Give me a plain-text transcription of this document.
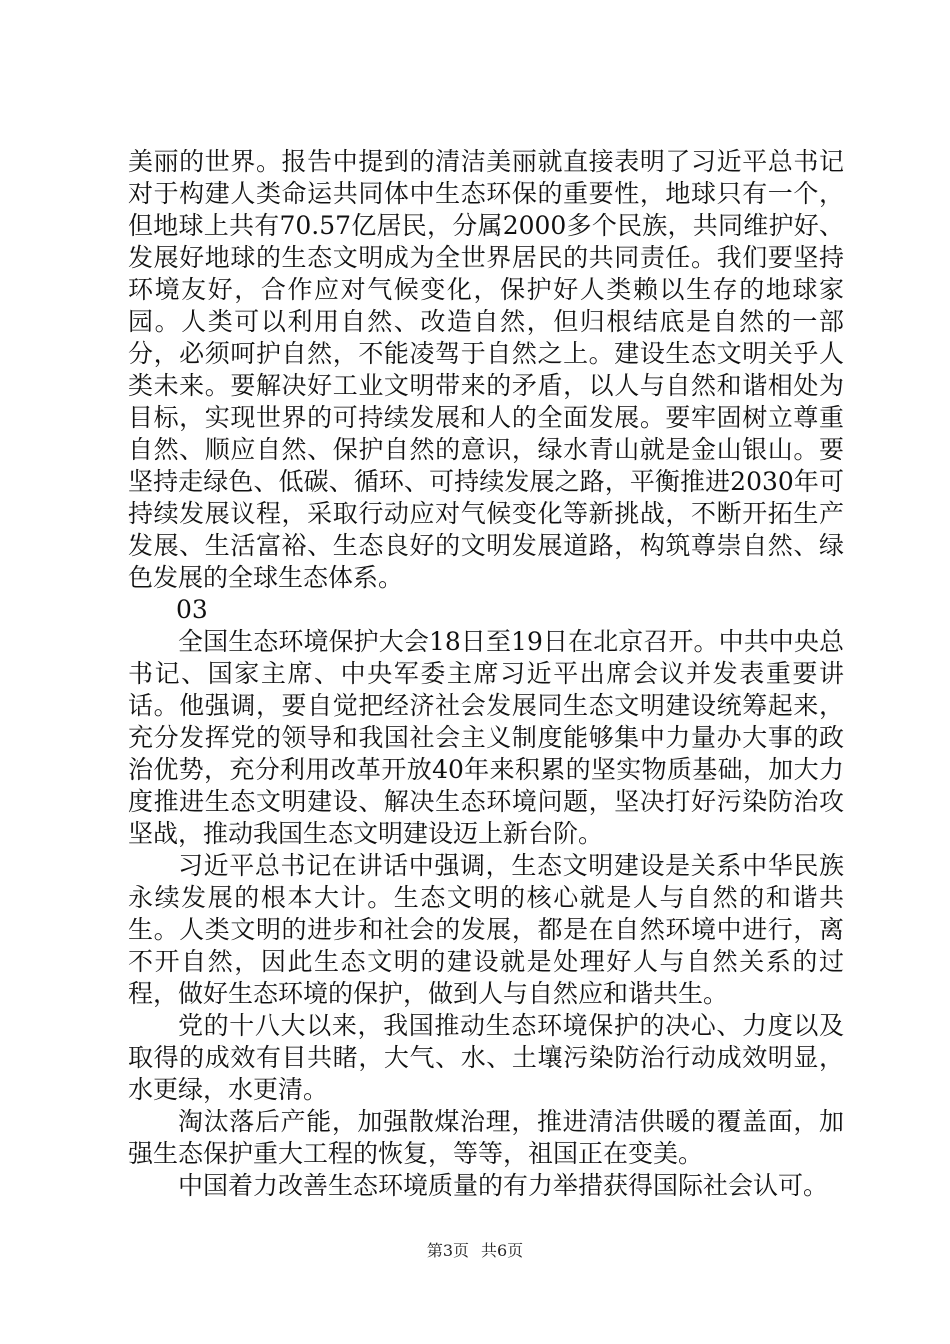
美丽的世界。报告中提到的清洁美丽就直接表明了习近平总书记对于构建人类命运共同体中生态环保的重要性，地球只有一个，但地球上共有70.57亿居民，分属2000多个民族，共同维护好、发展好地球的生态文明成为全世界居民的共同责任。我们要坚持环境友好，合作应对气候变化，保护好人类赖以生存的地球家园。人类可以利用自然、改造自然，但归根结底是自然的一部分，必须呵护自然，不能凌驾于自然之上。建设生态文明关乎人类未来。要解决好工业文明带来的矛盾，以人与自然和谐相处为目标，实现世界的可持续发展和人的全面发展。要牢固树立尊重自然、顺应自然、保护自然的意识，绿水青山就是金山银山。要坚持走绿色、低碳、循环、可持续发展之路，平衡推进2030年可持续发展议程，采取行动应对气候变化等新挑战，不断开拓生产发展、生活富裕、生态良好的文明发展道路，构筑尊崇自然、绿色发展的全球生态体系。

03

全国生态环境保护大会18日至19日在北京召开。中共中央总书记、国家主席、中央军委主席习近平出席会议并发表重要讲话。他强调，要自觉把经济社会发展同生态文明建设统筹起来，充分发挥党的领导和我国社会主义制度能够集中力量办大事的政治优势，充分利用改革开放40年来积累的坚实物质基础，加大力度推进生态文明建设、解决生态环境问题，坚决打好污染防治攻坚战，推动我国生态文明建设迈上新台阶。

习近平总书记在讲话中强调，生态文明建设是关系中华民族永续发展的根本大计。生态文明的核心就是人与自然的和谐共生。人类文明的进步和社会的发展，都是在自然环境中进行，离不开自然，因此生态文明的建设就是处理好人与自然关系的过程，做好生态环境的保护，做到人与自然应和谐共生。

党的十八大以来，我国推动生态环境保护的决心、力度以及取得的成效有目共睹，大气、水、土壤污染防治行动成效明显，水更绿，水更清。

淘汰落后产能，加强散煤治理，推进清洁供暖的覆盖面，加强生态保护重大工程的恢复，等等，祖国正在变美。

中国着力改善生态环境质量的有力举措获得国际社会认可。

第3页 共6页
